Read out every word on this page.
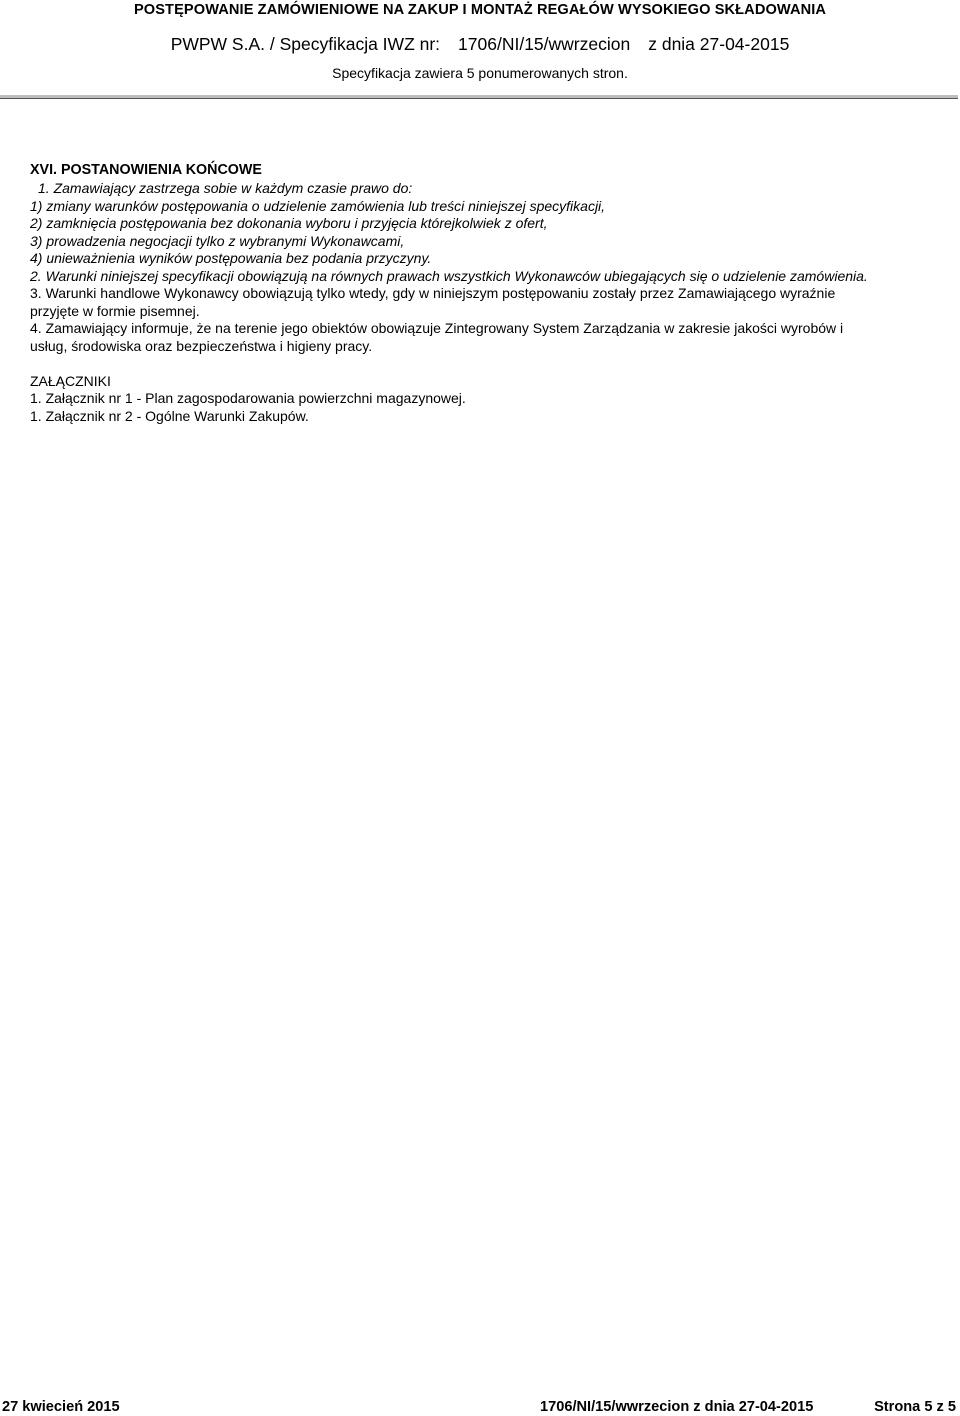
POSTĘPOWANIE ZAMÓWIENIOWE NA ZAKUP I MONTAŻ REGAŁÓW WYSOKIEGO SKŁADOWANIA
PWPW S.A. / Specyfikacja IWZ nr: 1706/NI/15/wwrzecion z dnia 27-04-2015
Specyfikacja zawiera 5 ponumerowanych stron.
XVI. POSTANOWIENIA KOŃCOWE
1. Zamawiający zastrzega sobie w każdym czasie prawo do:
1) zmiany warunków postępowania o udzielenie zamówienia lub treści niniejszej specyfikacji,
2) zamknięcia postępowania bez dokonania wyboru i przyjęcia którejkolwiek z ofert,
3) prowadzenia negocjacji tylko z wybranymi Wykonawcami,
4) unieważnienia wyników postępowania bez podania przyczyny.
2. Warunki niniejszej specyfikacji obowiązują na równych prawach wszystkich Wykonawców ubiegających się o udzielenie zamówienia.
3. Warunki handlowe Wykonawcy obowiązują tylko wtedy, gdy w niniejszym postępowaniu zostały przez Zamawiającego wyraźnie
przyjęte w formie pisemnej.
4. Zamawiający informuje, że na terenie jego obiektów obowiązuje Zintegrowany System Zarządzania w zakresie jakości wyrobów i
usług, środowiska oraz bezpieczeństwa i higieny pracy.
ZAŁĄCZNIKI
1. Załącznik nr 1 - Plan zagospodarowania powierzchni magazynowej.
1. Załącznik nr 2 - Ogólne Warunki Zakupów.
27 kwiecień 2015	1706/NI/15/wwrzecion z dnia 27-04-2015	Strona 5 z 5
